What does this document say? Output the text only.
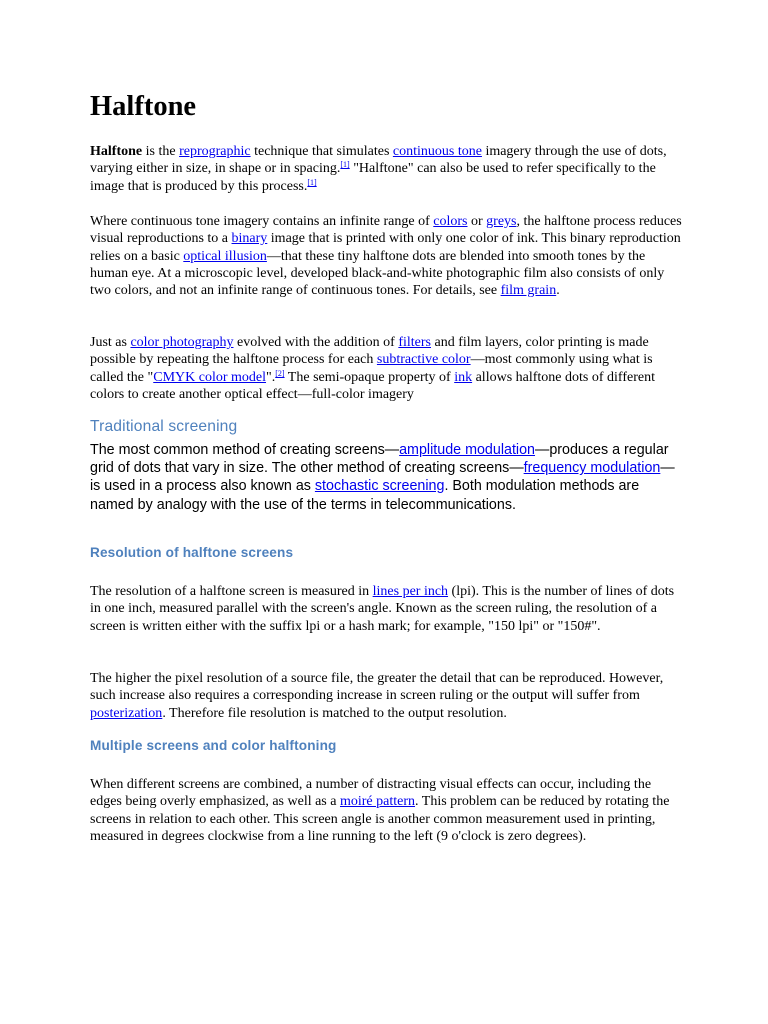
Halftone

Halftone is the reprographic technique that simulates continuous tone imagery through the use of dots, varying either in size, in shape or in spacing.[1] "Halftone" can also be used to refer specifically to the image that is produced by this process.[1]

Where continuous tone imagery contains an infinite range of colors or greys, the halftone process reduces visual reproductions to a binary image that is printed with only one color of ink. This binary reproduction relies on a basic optical illusion—that these tiny halftone dots are blended into smooth tones by the human eye. At a microscopic level, developed black-and-white photographic film also consists of only two colors, and not an infinite range of continuous tones. For details, see film grain.

Just as color photography evolved with the addition of filters and film layers, color printing is made possible by repeating the halftone process for each subtractive color—most commonly using what is called the "CMYK color model".[2] The semi-opaque property of ink allows halftone dots of different colors to create another optical effect—full-color imagery

Traditional screening

The most common method of creating screens—amplitude modulation—produces a regular grid of dots that vary in size. The other method of creating screens—frequency modulation—is used in a process also known as stochastic screening. Both modulation methods are named by analogy with the use of the terms in telecommunications.

Resolution of halftone screens

The resolution of a halftone screen is measured in lines per inch (lpi). This is the number of lines of dots in one inch, measured parallel with the screen's angle. Known as the screen ruling, the resolution of a screen is written either with the suffix lpi or a hash mark; for example, "150 lpi" or "150#".

The higher the pixel resolution of a source file, the greater the detail that can be reproduced. However, such increase also requires a corresponding increase in screen ruling or the output will suffer from posterization. Therefore file resolution is matched to the output resolution.

Multiple screens and color halftoning

When different screens are combined, a number of distracting visual effects can occur, including the edges being overly emphasized, as well as a moiré pattern. This problem can be reduced by rotating the screens in relation to each other. This screen angle is another common measurement used in printing, measured in degrees clockwise from a line running to the left (9 o'clock is zero degrees).
